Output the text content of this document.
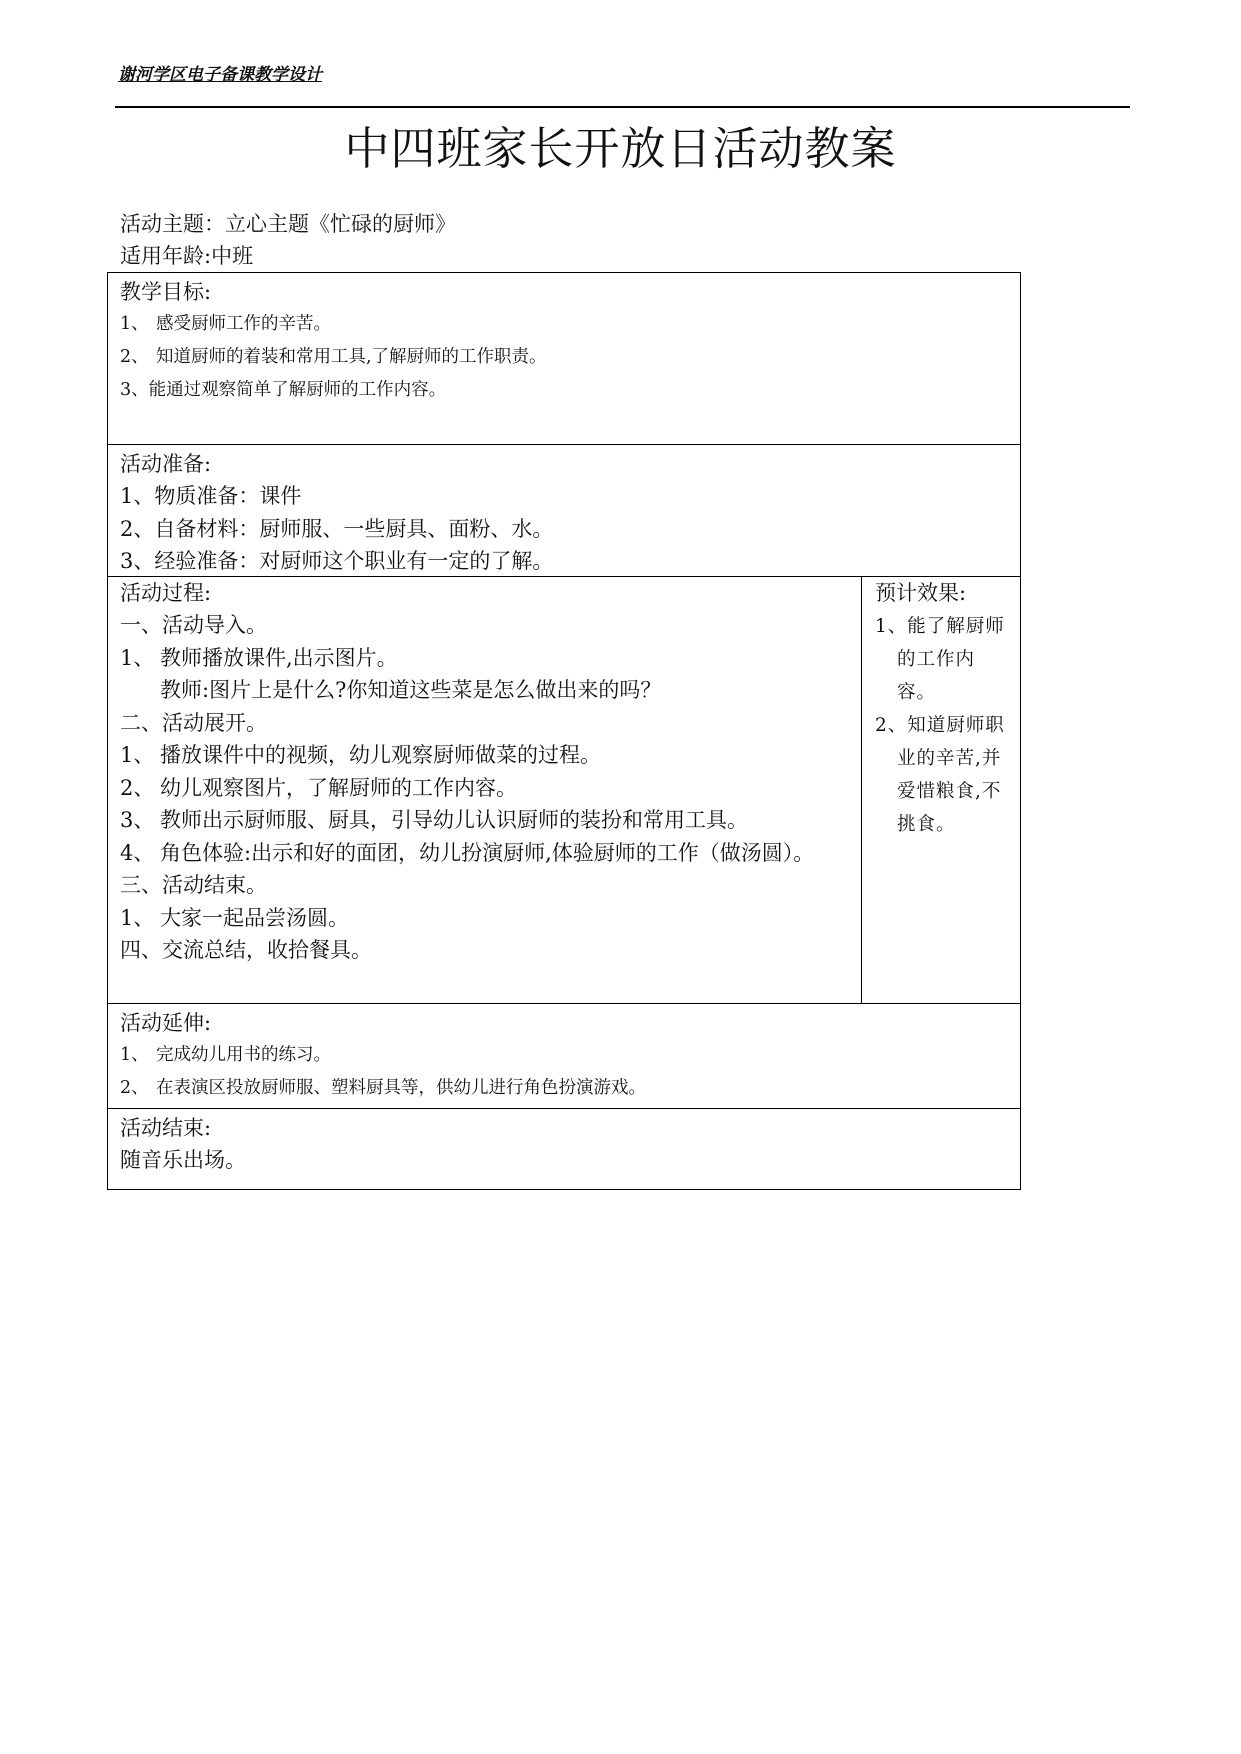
谢河学区电子备课教学设计
中四班家长开放日活动教案
活动主题：立心主题《忙碌的厨师》
适用年龄:中班
教学目标:
1、 感受厨师工作的辛苦。
2、 知道厨师的着装和常用工具,了解厨师的工作职责。
3、能通过观察简单了解厨师的工作内容。
活动准备:
1、物质准备：课件
2、自备材料：厨师服、一些厨具、面粉、水。
3、经验准备：对厨师这个职业有一定的了解。
活动过程:
一、活动导入。
1、 教师播放课件,出示图片。
教师:图片上是什么?你知道这些菜是怎么做出来的吗？
二、活动展开。
1、 播放课件中的视频，幼儿观察厨师做菜的过程。
2、 幼儿观察图片，了解厨师的工作内容。
3、 教师出示厨师服、厨具，引导幼儿认识厨师的装扮和常用工具。
4、 角色体验:出示和好的面团，幼儿扮演厨师,体验厨师的工作（做汤圆）。
三、活动结束。
1、 大家一起品尝汤圆。
四、交流总结，收拾餐具。
预计效果:
1、能了解厨师的工作内容。
2、知道厨师职业的辛苦,并爱惜粮食,不挑食。
活动延伸:
1、 完成幼儿用书的练习。
2、 在表演区投放厨师服、塑料厨具等，供幼儿进行角色扮演游戏。
活动结束:
随音乐出场。
